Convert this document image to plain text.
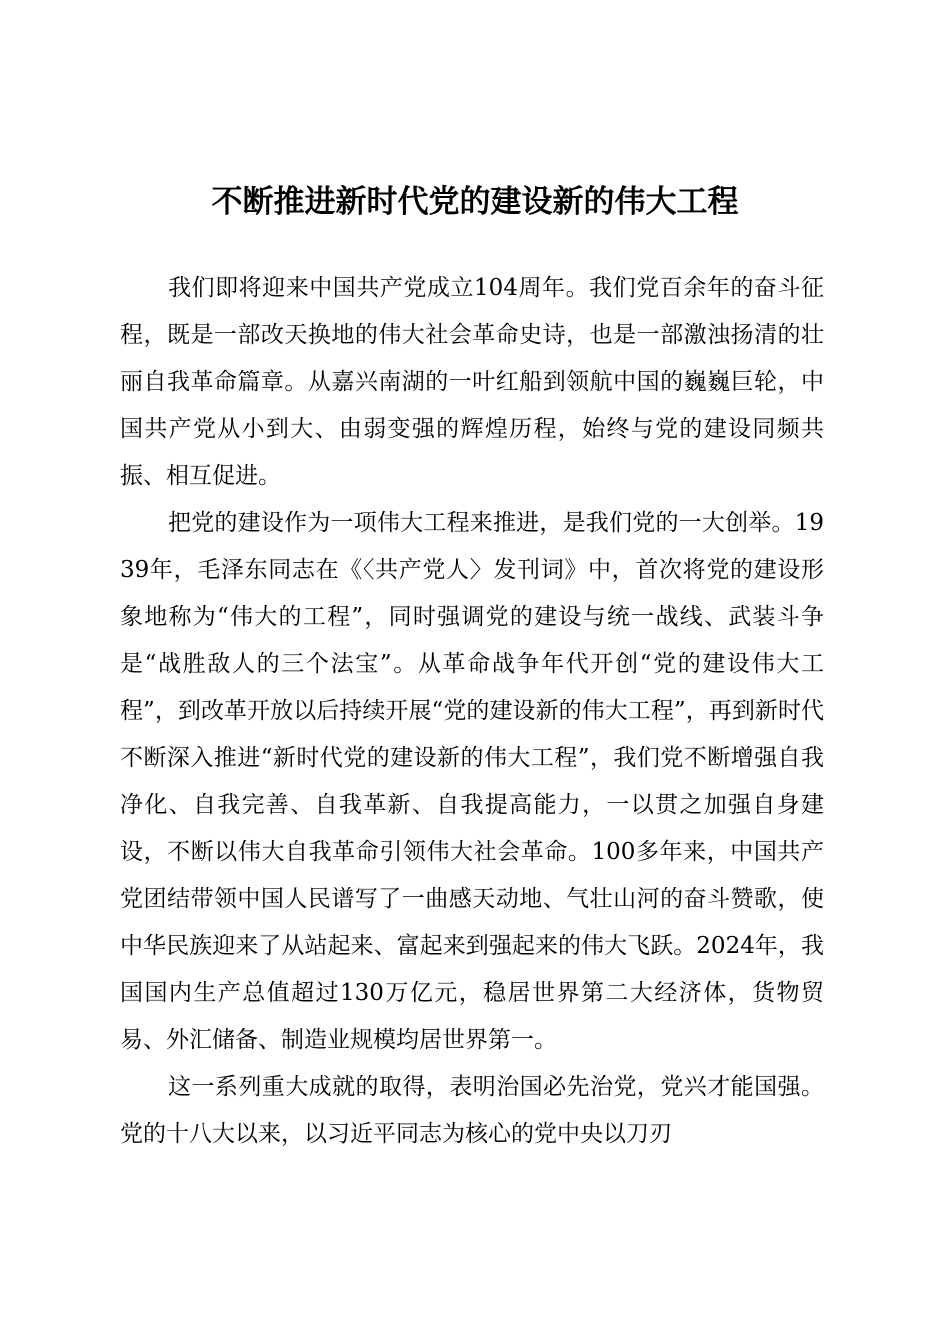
不断推进新时代党的建设新的伟大工程

我们即将迎来中国共产党成立104周年。我们党百余年的奋斗征程，既是一部改天换地的伟大社会革命史诗，也是一部激浊扬清的壮丽自我革命篇章。从嘉兴南湖的一叶红船到领航中国的巍巍巨轮，中国共产党从小到大、由弱变强的辉煌历程，始终与党的建设同频共振、相互促进。

把党的建设作为一项伟大工程来推进，是我们党的一大创举。1939年，毛泽东同志在《〈共产党人〉发刊词》中，首次将党的建设形象地称为“伟大的工程”，同时强调党的建设与统一战线、武装斗争是“战胜敌人的三个法宝”。从革命战争年代开创“党的建设伟大工程”，到改革开放以后持续开展“党的建设新的伟大工程”，再到新时代不断深入推进“新时代党的建设新的伟大工程”，我们党不断增强自我净化、自我完善、自我革新、自我提高能力，一以贯之加强自身建设，不断以伟大自我革命引领伟大社会革命。100多年来，中国共产党团结带领中国人民谱写了一曲感天动地、气壮山河的奋斗赞歌，使中华民族迎来了从站起来、富起来到强起来的伟大飞跃。2024年，我国国内生产总值超过130万亿元，稳居世界第二大经济体，货物贸易、外汇储备、制造业规模均居世界第一。

这一系列重大成就的取得，表明治国必先治党，党兴才能国强。党的十八大以来，以习近平同志为核心的党中央以刀刃
